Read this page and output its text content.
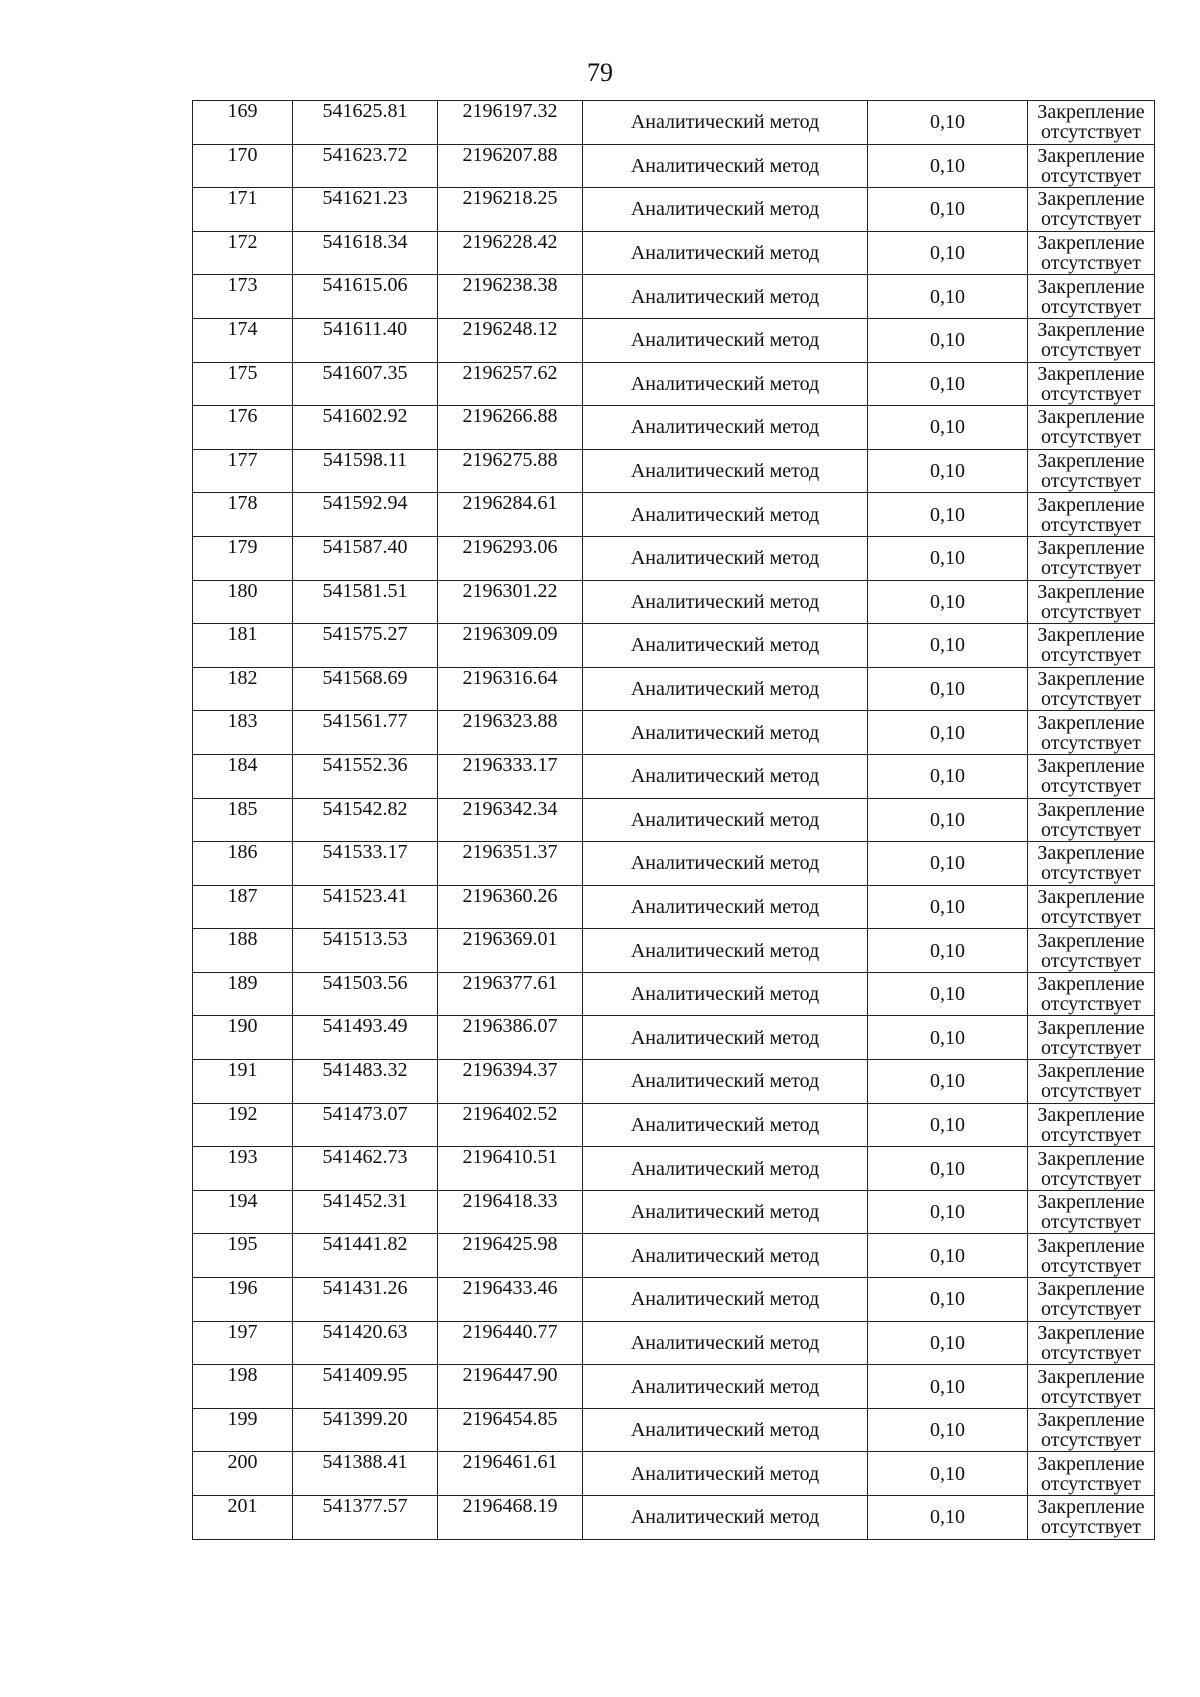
79
169	541625.81	2196197.32	Аналитический метод	0,10	Закрепление отсутствует
170	541623.72	2196207.88	Аналитический метод	0,10	Закрепление отсутствует
171	541621.23	2196218.25	Аналитический метод	0,10	Закрепление отсутствует
172	541618.34	2196228.42	Аналитический метод	0,10	Закрепление отсутствует
173	541615.06	2196238.38	Аналитический метод	0,10	Закрепление отсутствует
174	541611.40	2196248.12	Аналитический метод	0,10	Закрепление отсутствует
175	541607.35	2196257.62	Аналитический метод	0,10	Закрепление отсутствует
176	541602.92	2196266.88	Аналитический метод	0,10	Закрепление отсутствует
177	541598.11	2196275.88	Аналитический метод	0,10	Закрепление отсутствует
178	541592.94	2196284.61	Аналитический метод	0,10	Закрепление отсутствует
179	541587.40	2196293.06	Аналитический метод	0,10	Закрепление отсутствует
180	541581.51	2196301.22	Аналитический метод	0,10	Закрепление отсутствует
181	541575.27	2196309.09	Аналитический метод	0,10	Закрепление отсутствует
182	541568.69	2196316.64	Аналитический метод	0,10	Закрепление отсутствует
183	541561.77	2196323.88	Аналитический метод	0,10	Закрепление отсутствует
184	541552.36	2196333.17	Аналитический метод	0,10	Закрепление отсутствует
185	541542.82	2196342.34	Аналитический метод	0,10	Закрепление отсутствует
186	541533.17	2196351.37	Аналитический метод	0,10	Закрепление отсутствует
187	541523.41	2196360.26	Аналитический метод	0,10	Закрепление отсутствует
188	541513.53	2196369.01	Аналитический метод	0,10	Закрепление отсутствует
189	541503.56	2196377.61	Аналитический метод	0,10	Закрепление отсутствует
190	541493.49	2196386.07	Аналитический метод	0,10	Закрепление отсутствует
191	541483.32	2196394.37	Аналитический метод	0,10	Закрепление отсутствует
192	541473.07	2196402.52	Аналитический метод	0,10	Закрепление отсутствует
193	541462.73	2196410.51	Аналитический метод	0,10	Закрепление отсутствует
194	541452.31	2196418.33	Аналитический метод	0,10	Закрепление отсутствует
195	541441.82	2196425.98	Аналитический метод	0,10	Закрепление отсутствует
196	541431.26	2196433.46	Аналитический метод	0,10	Закрепление отсутствует
197	541420.63	2196440.77	Аналитический метод	0,10	Закрепление отсутствует
198	541409.95	2196447.90	Аналитический метод	0,10	Закрепление отсутствует
199	541399.20	2196454.85	Аналитический метод	0,10	Закрепление отсутствует
200	541388.41	2196461.61	Аналитический метод	0,10	Закрепление отсутствует
201	541377.57	2196468.19	Аналитический метод	0,10	Закрепление отсутствует
